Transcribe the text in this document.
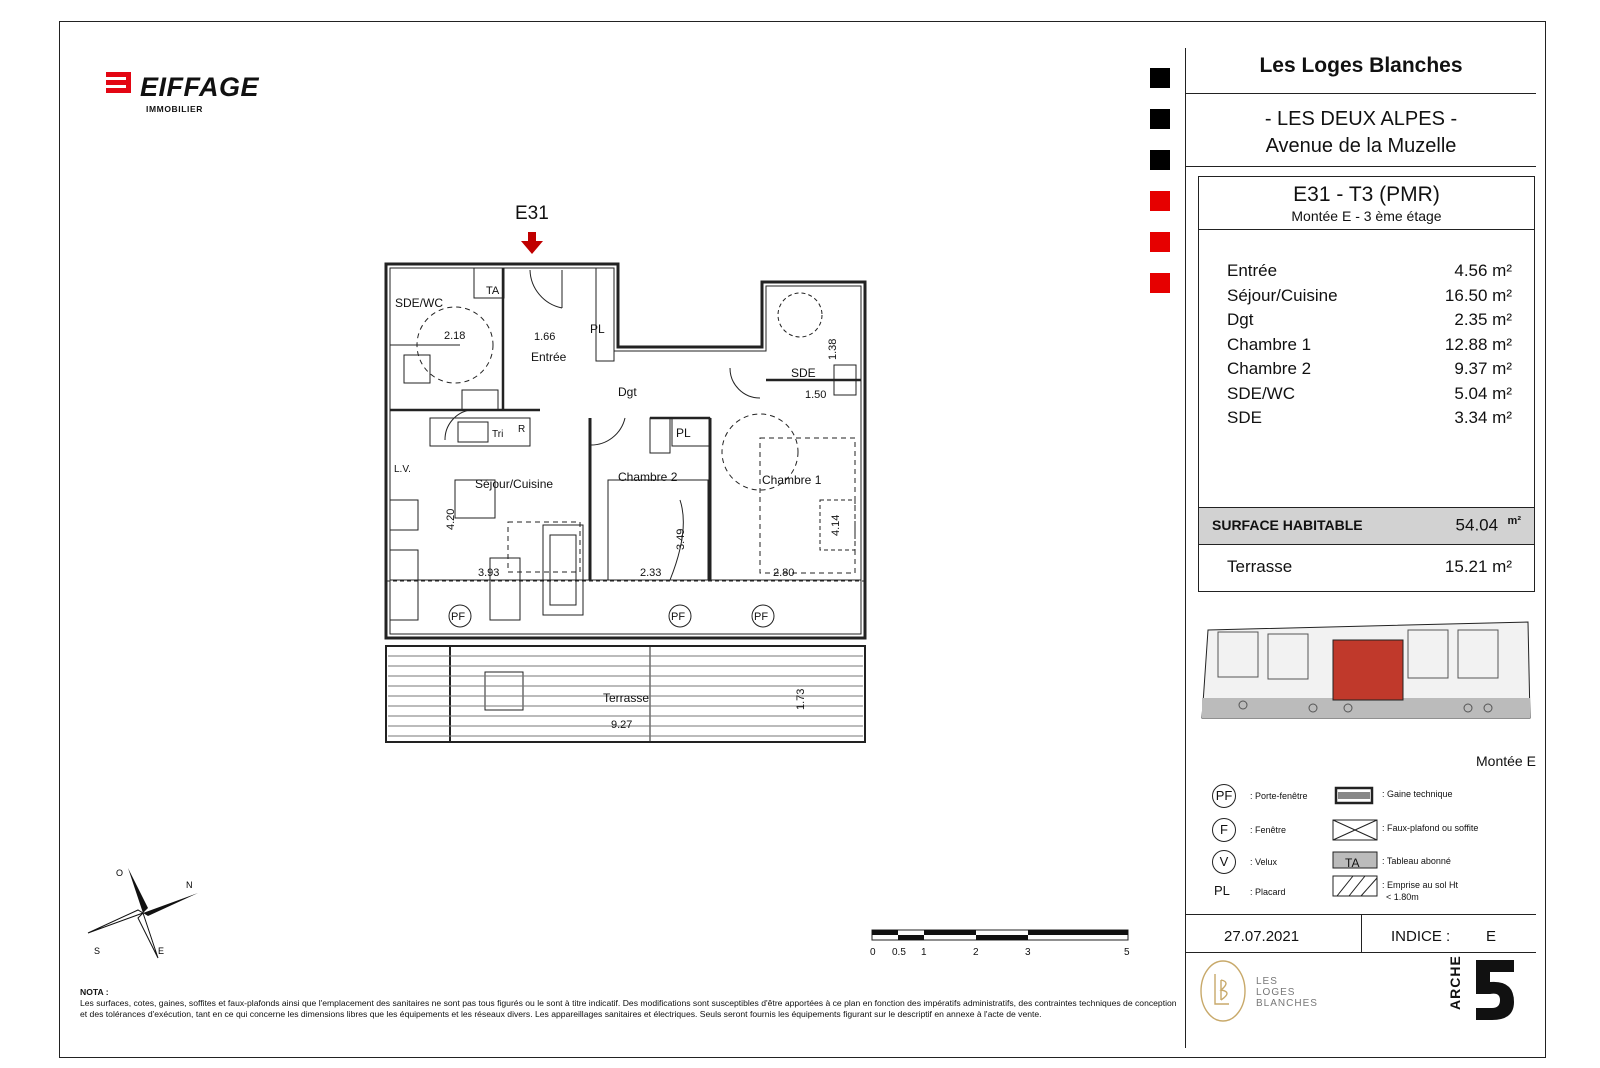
EIFFAGE
IMMOBILIER
E31
SDE/WC
Entrée
Dgt
SDE
Séjour/Cuisine	Chambre 2	Chambre 1
Terrasse
TA
PL
PL
L.V.
Tri R
1.66
2.18
1.50
3.93	2.33	2.80
9.27
4.20
3.49
4.14
1.38
1.73
PF	PF	PF
Les Loges Blanches
- LES DEUX ALPES -
Avenue de la Muzelle
E31 - T3 (PMR)
Montée E - 3 ème étage
Entrée	4.56 m²
Séjour/Cuisine	16.50 m²
Dgt	2.35 m²
Chambre 1	12.88 m²
Chambre 2	9.37 m²
SDE/WC	5.04 m²
SDE	3.34 m²
SURFACE HABITABLE	54.04 $^{m^2}$
Terrasse	15.21 m²
Montée E
PF	: Porte-fenêtre
F	: Fenêtre
V	: Velux
PL : Placard
TA
: Gaine technique
: Faux-plafond ou soffite
: Tableau abonné
: Emprise au sol Ht
< 1.80m
27.07.2021	INDICE : E
LES
LOGES
BLANCHES	ARCHE
0 0.5 1	2	3	5
O
N
S	E
NOTA :
Les surfaces, cotes, gaines, soffites et faux-plafonds ainsi que l'emplacement des sanitaires ne sont pas tous figurés ou le sont à titre indicatif. Des modifications sont susceptibles d'être apportées à ce plan en fonction des impératifs administratifs, des contraintes techniques de conception et des tolérances d'exécution, tant en ce qui concerne les dimensions libres que les équipements et les réseaux divers. Les appareillages sanitaires et électriques. Seuls seront fournis les équipements figurant sur le descriptif en annexe à l'acte de vente.
